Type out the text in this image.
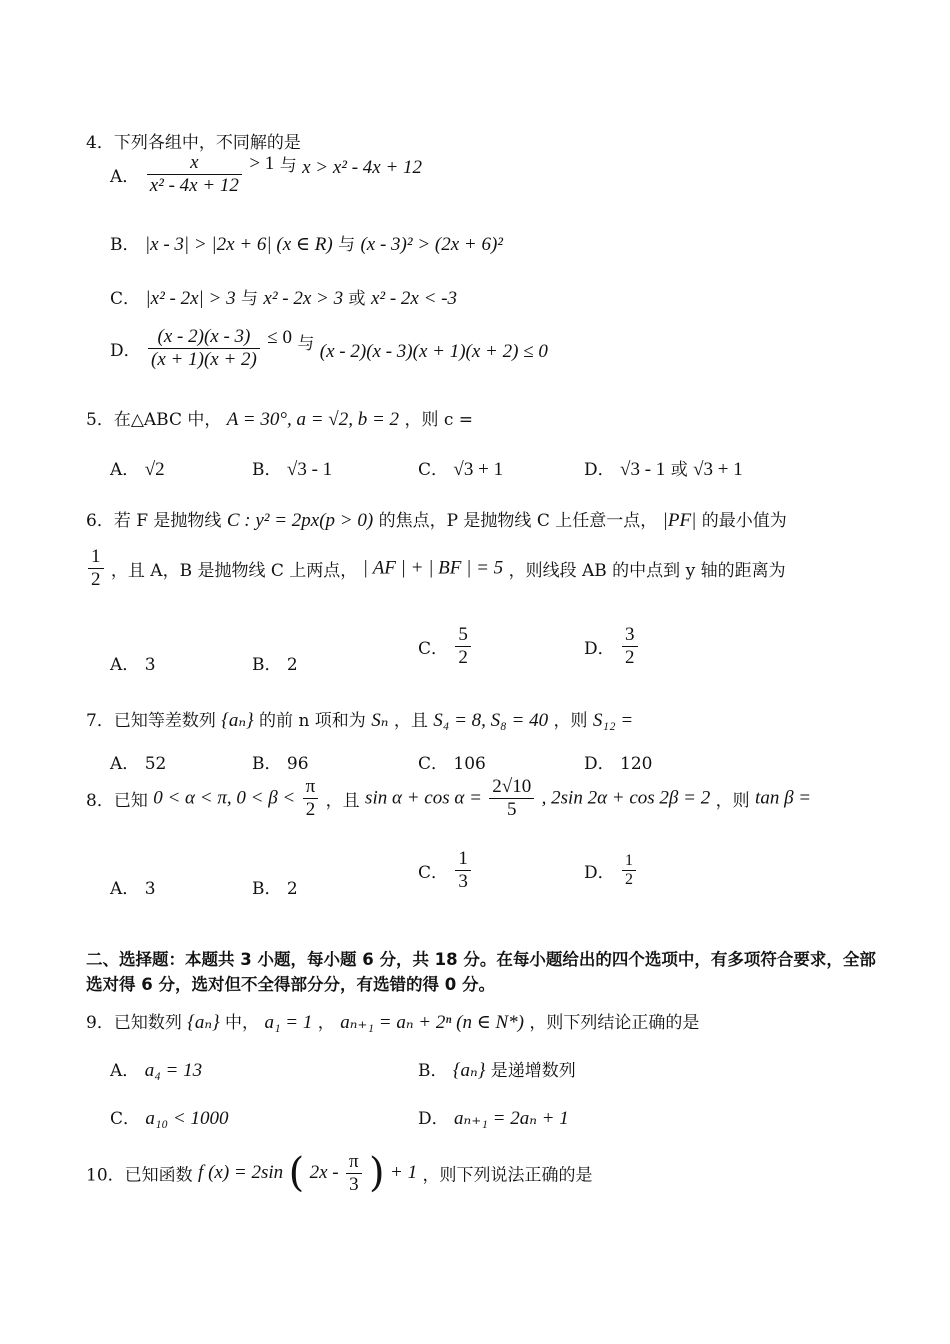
4．下列各组中，不同解的是
A． $\frac{x}{\text{x² - 4x + 12}} > 1$ 与 x > x² - 4x + 12
B． |x - 3| > |2x + 6| (x ∈ R) 与 (x - 3)² > (2x + 6)²
C． |x² - 2x| > 3 与 x² - 2x > 3 或 x² - 2x < -3
D． $\frac{(x - 2)(x - 3)}{(x + 1)(x + 2)} \le 0$ 与 (x - 2)(x - 3)(x + 1)(x + 2) ≤ 0
5．在△ABC 中， A = 30°, a = √2, b = 2 ，则 c =
A． √2	B． √3 - 1	C． √3 + 1	D． √3 - 1 或 √3 + 1
6．若 F 是抛物线 C : y² = 2px(p > 0) 的焦点，P 是抛物线 C 上任意一点， |PF| 的最小值为
$\frac{1}{2}$ ，且 A，B 是抛物线 C 上两点， | AF | + | BF | = 5 ，则线段 AB 的中点到 y 轴的距离为
A． 3	B． 2
C． $\frac{5}{2}$	D． $\frac{3}{2}$
7．已知等差数列 {aₙ} 的前 n 项和为 Sₙ ，且 S₄ = 8, S₈ = 40 ，则 S₁₂ =
A． 52	B． 96	C． 106	D． 120
8．已知 0 < α < π, $0 < \beta < \frac{\pi}{2}$ ，且 $\sin \alpha + \cos \alpha = \frac{2√10}{5}$ , 2sin 2α + cos 2β = 2 ，则 tan β =
A． 3	B． 2
C． $\frac{1}{3}$	D． $\frac{1}{2}$
二、选择题：本题共 3 小题，每小题 6 分，共 18 分。在每小题给出的四个选项中，有多项符合要求，全部选对得 6 分，选对但不全得部分分，有选错的得 0 分。
9．已知数列 {aₙ} 中， a₁ = 1 ， aₙ₊₁ = aₙ + 2ⁿ (n ∈ N*) ，则下列结论正确的是
A． a₄ = 13	B． {aₙ} 是递增数列
C． a₁₀ < 1000	D． aₙ₊₁ = 2aₙ + 1
10．已知函数 f (x) = 2sin ( $2x - \frac{\pi}{3}$ ) + 1 ，则下列说法正确的是
